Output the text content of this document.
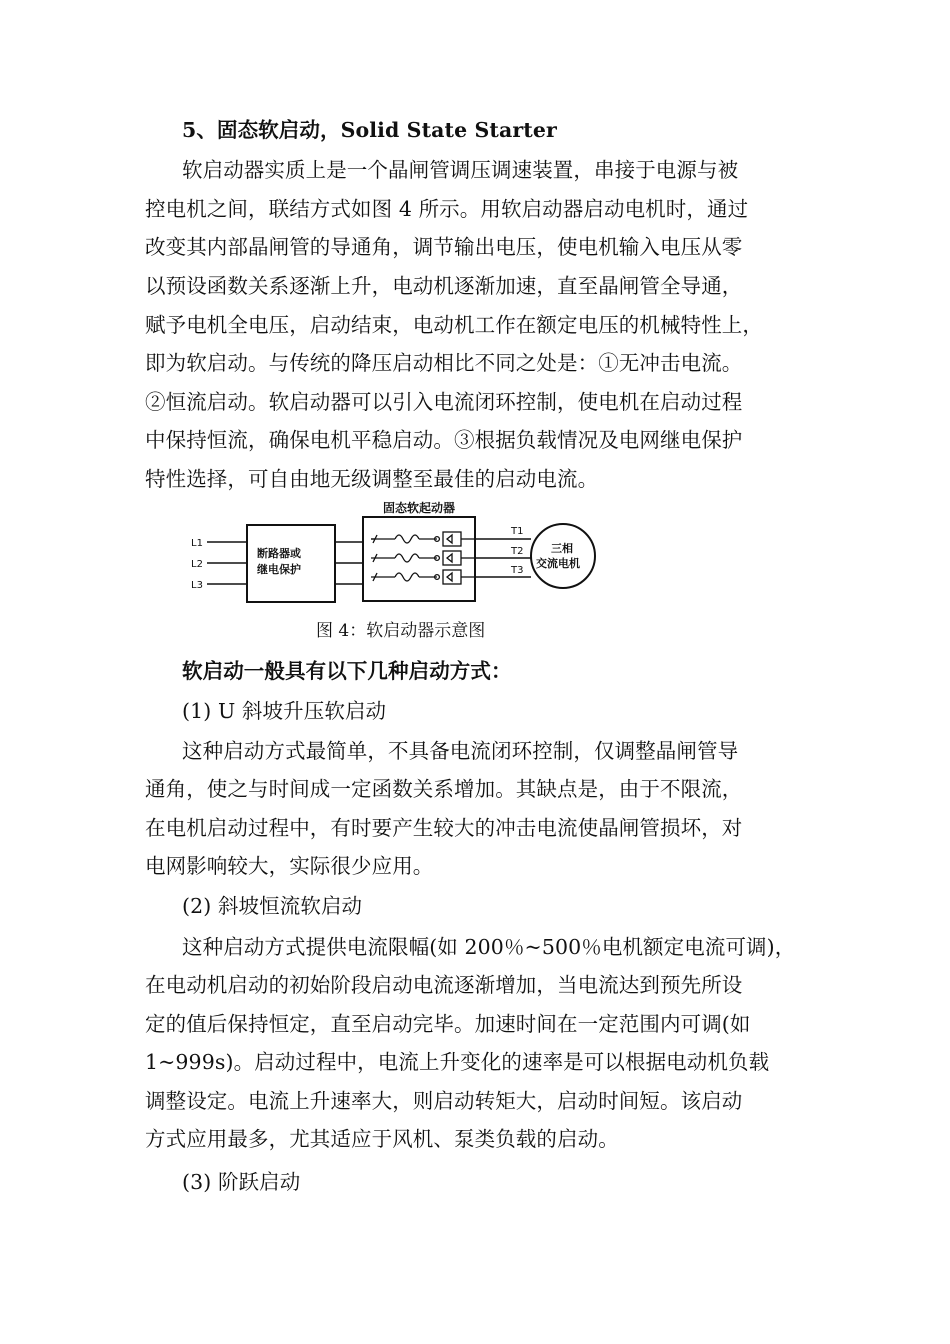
5、固态软启动，Solid State Starter
软启动器实质上是一个晶闸管调压调速装置，串接于电源与被
控电机之间，联结方式如图 4 所示。用软启动器启动电机时，通过
改变其内部晶闸管的导通角，调节输出电压，使电机输入电压从零
以预设函数关系逐渐上升，电动机逐渐加速，直至晶闸管全导通，
赋予电机全电压，启动结束，电动机工作在额定电压的机械特性上，
即为软启动。与传统的降压启动相比不同之处是：①无冲击电流。
②恒流启动。软启动器可以引入电流闭环控制，使电机在启动过程
中保持恒流，确保电机平稳启动。③根据负载情况及电网继电保护
特性选择，可自由地无级调整至最佳的启动电流。
固态软起动器
L1
L2
L3
断路器或
继电保护
T1
T2
T3
三相
交流电机
图 4：软启动器示意图
软启动一般具有以下几种启动方式：
(1) U 斜坡升压软启动
这种启动方式最简单，不具备电流闭环控制，仅调整晶闸管导
通角，使之与时间成一定函数关系增加。其缺点是，由于不限流，
在电机启动过程中，有时要产生较大的冲击电流使晶闸管损坏，对
电网影响较大，实际很少应用。
(2) 斜坡恒流软启动
这种启动方式提供电流限幅(如 200％~500％电机额定电流可调)，
在电动机启动的初始阶段启动电流逐渐增加，当电流达到预先所设
定的值后保持恒定，直至启动完毕。加速时间在一定范围内可调(如
1~999s)。启动过程中，电流上升变化的速率是可以根据电动机负载
调整设定。电流上升速率大，则启动转矩大，启动时间短。该启动
方式应用最多，尤其适应于风机、泵类负载的启动。
(3) 阶跃启动
